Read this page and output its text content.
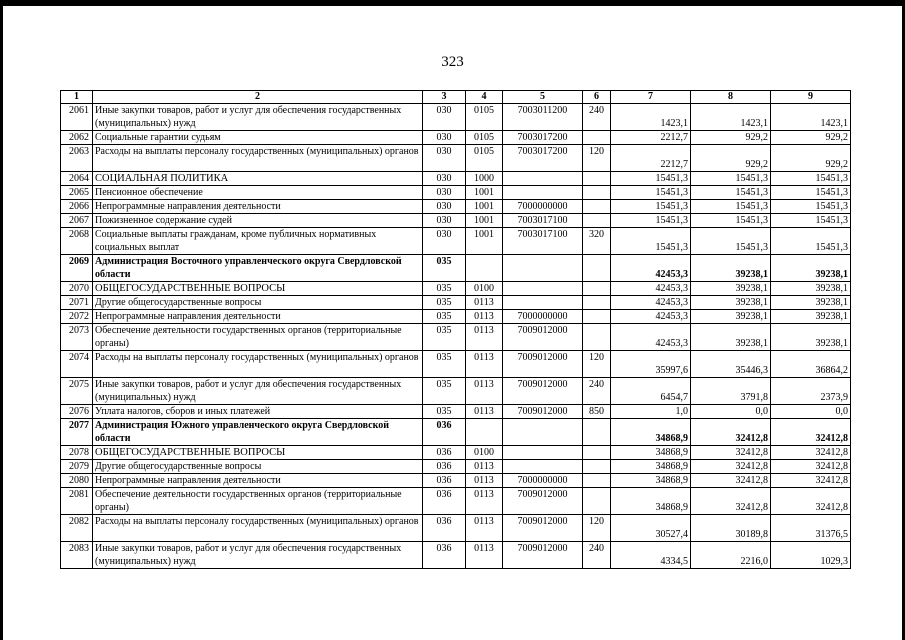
323
1	2	3	4	5	6	7	8	9
2061	Иные закупки товаров, работ и услуг для обеспечения государственных (муниципальных) нужд	030	0105	7003011200	240	1423,1	1423,1	1423,1
2062	Социальные гарантии судьям	030	0105	7003017200		2212,7	929,2	929,2
2063	Расходы на выплаты персоналу государственных (муниципальных) органов	030	0105	7003017200	120	2212,7	929,2	929,2
2064	СОЦИАЛЬНАЯ ПОЛИТИКА	030	1000			15451,3	15451,3	15451,3
2065	Пенсионное обеспечение	030	1001			15451,3	15451,3	15451,3
2066	Непрограммные направления деятельности	030	1001	7000000000		15451,3	15451,3	15451,3
2067	Пожизненное содержание судей	030	1001	7003017100		15451,3	15451,3	15451,3
2068	Социальные выплаты гражданам, кроме публичных нормативных социальных выплат	030	1001	7003017100	320	15451,3	15451,3	15451,3
2069	Администрация Восточного управленческого округа Свердловской области	035				42453,3	39238,1	39238,1
2070	ОБЩЕГОСУДАРСТВЕННЫЕ ВОПРОСЫ	035	0100			42453,3	39238,1	39238,1
2071	Другие общегосударственные вопросы	035	0113			42453,3	39238,1	39238,1
2072	Непрограммные направления деятельности	035	0113	7000000000		42453,3	39238,1	39238,1
2073	Обеспечение деятельности государственных органов (территориальные органы)	035	0113	7009012000		42453,3	39238,1	39238,1
2074	Расходы на выплаты персоналу государственных (муниципальных) органов	035	0113	7009012000	120	35997,6	35446,3	36864,2
2075	Иные закупки товаров, работ и услуг для обеспечения государственных (муниципальных) нужд	035	0113	7009012000	240	6454,7	3791,8	2373,9
2076	Уплата налогов, сборов и иных платежей	035	0113	7009012000	850	1,0	0,0	0,0
2077	Администрация Южного управленческого округа Свердловской области	036				34868,9	32412,8	32412,8
2078	ОБЩЕГОСУДАРСТВЕННЫЕ ВОПРОСЫ	036	0100			34868,9	32412,8	32412,8
2079	Другие общегосударственные вопросы	036	0113			34868,9	32412,8	32412,8
2080	Непрограммные направления деятельности	036	0113	7000000000		34868,9	32412,8	32412,8
2081	Обеспечение деятельности государственных органов (территориальные органы)	036	0113	7009012000		34868,9	32412,8	32412,8
2082	Расходы на выплаты персоналу государственных (муниципальных) органов	036	0113	7009012000	120	30527,4	30189,8	31376,5
2083	Иные закупки товаров, работ и услуг для обеспечения государственных (муниципальных) нужд	036	0113	7009012000	240	4334,5	2216,0	1029,3
